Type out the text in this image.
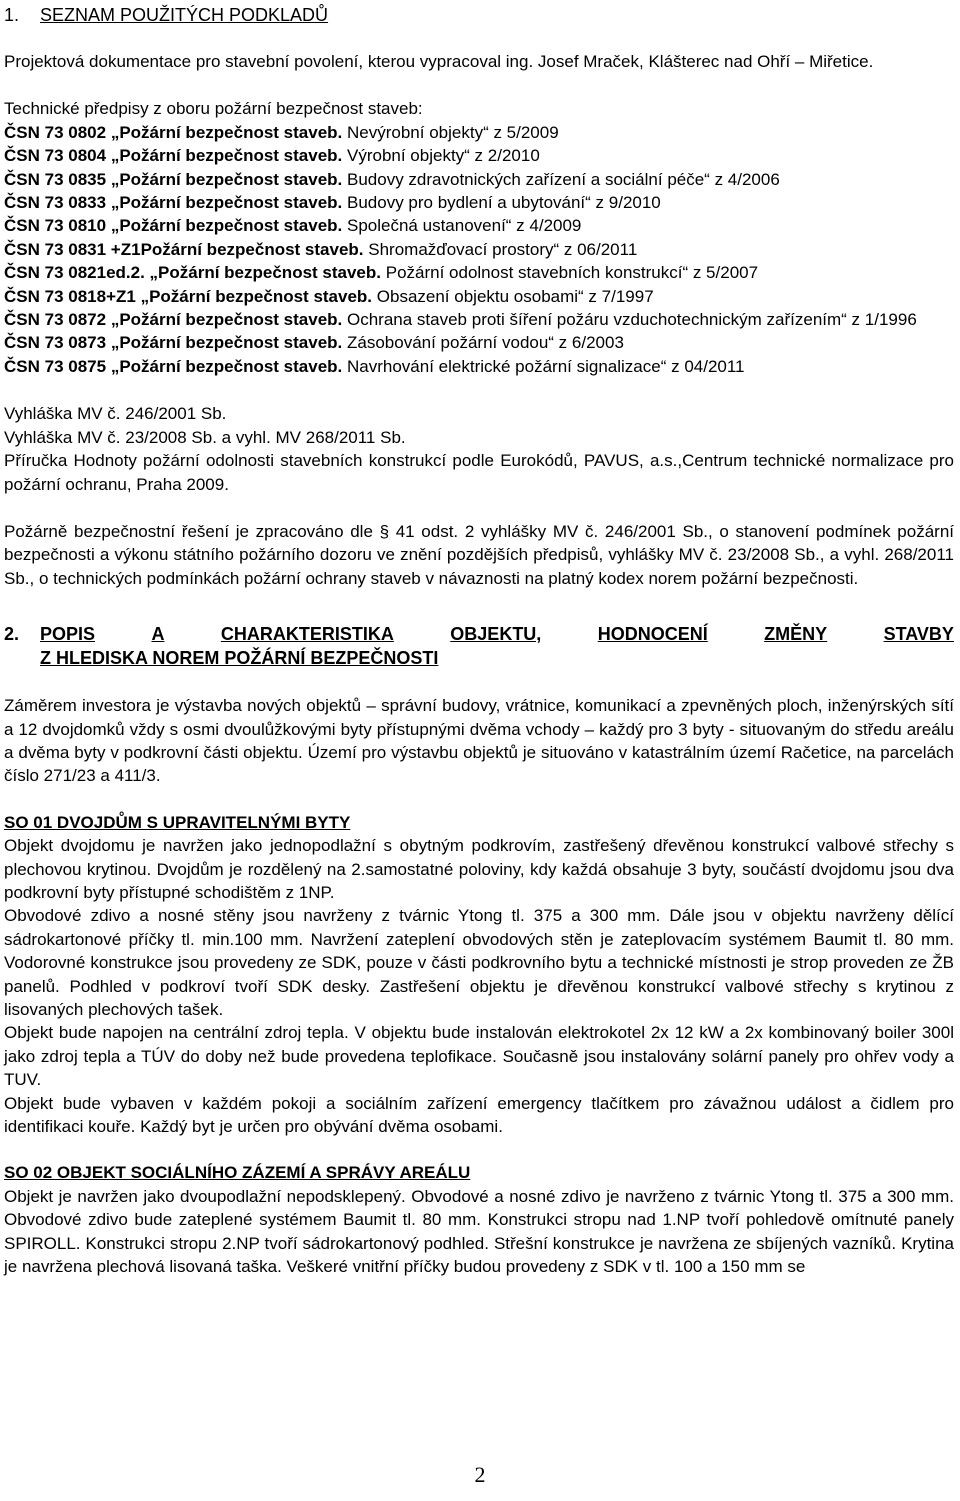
1. SEZNAM POUŽITÝCH PODKLADŮ

Projektová dokumentace pro stavební povolení, kterou vypracoval ing. Josef Mraček, Klášterec nad Ohří – Miřetice.

Technické předpisy z oboru požární bezpečnost staveb:

ČSN 73 0802 „Požární bezpečnost staveb. Nevýrobní objekty“ z 5/2009

ČSN 73 0804 „Požární bezpečnost staveb. Výrobní objekty“ z 2/2010

ČSN 73 0835 „Požární bezpečnost staveb. Budovy zdravotnických zařízení a sociální péče“ z 4/2006

ČSN 73 0833 „Požární bezpečnost staveb. Budovy pro bydlení a ubytování“ z 9/2010

ČSN 73 0810 „Požární bezpečnost staveb. Společná ustanovení“ z 4/2009

ČSN 73 0831 +Z1Požární bezpečnost staveb. Shromažďovací prostory“ z 06/2011

ČSN 73 0821ed.2. „Požární bezpečnost staveb. Požární odolnost stavebních konstrukcí“ z 5/2007

ČSN 73 0818+Z1 „Požární bezpečnost staveb. Obsazení objektu osobami“ z 7/1997

ČSN 73 0872 „Požární bezpečnost staveb. Ochrana staveb proti šíření požáru vzduchotechnickým zařízením“ z 1/1996

ČSN 73 0873 „Požární bezpečnost staveb. Zásobování požární vodou“ z 6/2003

ČSN 73 0875 „Požární bezpečnost staveb. Navrhování elektrické požární signalizace“ z 04/2011

Vyhláška MV č. 246/2001 Sb.

Vyhláška MV č. 23/2008 Sb. a vyhl. MV 268/2011 Sb.

Příručka Hodnoty požární odolnosti stavebních konstrukcí podle Eurokódů, PAVUS, a.s.,Centrum technické normalizace pro požární ochranu, Praha 2009.

Požárně bezpečnostní řešení je zpracováno dle § 41 odst. 2 vyhlášky MV č. 246/2001 Sb., o stanovení podmínek požární bezpečnosti a výkonu státního požárního dozoru ve znění pozdějších předpisů, vyhlášky MV č. 23/2008 Sb., a vyhl. 268/2011 Sb., o technických podmínkách požární ochrany staveb v návaznosti na platný kodex norem požární bezpečnosti.

2.	POPIS	A	CHARAKTERISTIKA	OBJEKTU,	HODNOCENÍ	ZMĚNY	STAVBY
Z HLEDISKA NOREM POŽÁRNÍ BEZPEČNOSTI

Záměrem investora je výstavba nových objektů – správní budovy, vrátnice, komunikací a zpevněných ploch, inženýrských sítí a 12 dvojdomků vždy s osmi dvoulůžkovými byty přístupnými dvěma vchody – každý pro 3 byty - situovaným do středu areálu a dvěma byty v podkrovní části objektu. Území pro výstavbu objektů je situováno v katastrálním území Račetice, na parcelách číslo 271/23 a 411/3.

SO 01 DVOJDŮM S UPRAVITELNÝMI BYTY

Objekt dvojdomu je navržen jako jednopodlažní s obytným podkrovím, zastřešený dřevěnou konstrukcí valbové střechy s plechovou krytinou. Dvojdům je rozdělený na 2.samostatné poloviny, kdy každá obsahuje 3 byty, součástí dvojdomu jsou dva podkrovní byty přístupné schodištěm z 1NP.

Obvodové zdivo a nosné stěny jsou navrženy z tvárnic Ytong tl. 375 a 300 mm. Dále jsou v objektu navrženy dělící sádrokartonové příčky tl. min.100 mm. Navržení zateplení obvodových stěn je zateplovacím systémem Baumit tl. 80 mm. Vodorovné konstrukce jsou provedeny ze SDK, pouze v části podkrovního bytu a technické místnosti je strop proveden ze ŽB panelů. Podhled v podkroví tvoří SDK desky. Zastřešení objektu je dřevěnou konstrukcí valbové střechy s krytinou z lisovaných plechových tašek.

Objekt bude napojen na centrální zdroj tepla. V objektu bude instalován elektrokotel 2x 12 kW a 2x kombinovaný boiler 300l jako zdroj tepla a TÚV do doby než bude provedena teplofikace. Současně jsou instalovány solární panely pro ohřev vody a TUV.

Objekt bude vybaven v každém pokoji a sociálním zařízení emergency tlačítkem pro závažnou událost a čidlem pro identifikaci kouře. Každý byt je určen pro obývání dvěma osobami.

SO 02 OBJEKT SOCIÁLNÍHO ZÁZEMÍ A SPRÁVY AREÁLU

Objekt je navržen jako dvoupodlažní nepodsklepený. Obvodové a nosné zdivo je navrženo z tvárnic Ytong tl. 375 a 300 mm. Obvodové zdivo bude zateplené systémem Baumit tl. 80 mm. Konstrukci stropu nad 1.NP tvoří pohledově omítnuté panely SPIROLL. Konstrukci stropu 2.NP tvoří sádrokartonový podhled. Střešní konstrukce je navržena ze sbíjených vazníků. Krytina je navržena plechová lisovaná taška. Veškeré vnitřní příčky budou provedeny z SDK v tl. 100 a 150 mm se

2
